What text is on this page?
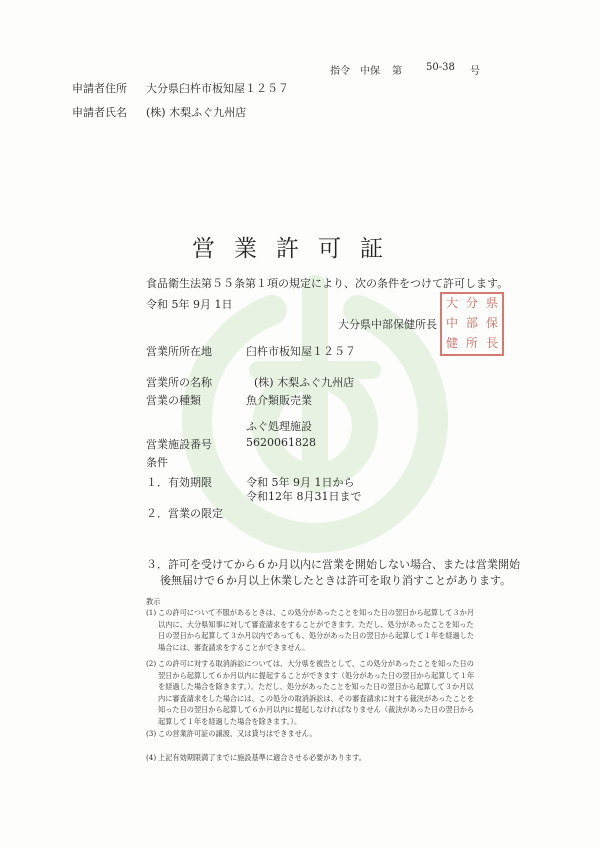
指令 中保 第 50-38 号
申請者住所 大分県臼杵市板知屋１２５７
申請者氏名 (株) 木梨ふぐ九州店
営業許可証
食品衛生法第５５条第１項の規定により、次の条件をつけて許可します。
令和 5年 9月 1日
大分県中部保健所長
大 分 県
中 部 保
健 所 長
営業所所在地	臼杵市板知屋１２５７
営業所の名称	(株) 木梨ふぐ九州店
営業の種類	魚介類販売業
ふぐ処理施設
営業施設番号	5620061828
条件
１．有効期限	令和 5年 9月 1日から
令和12年 8月31日まで
２．営業の限定
３．許可を受けてから６か月以内に営業を開始しない場合、または営業開始
後無届けで６か月以上休業したときは許可を取り消すことがあります。
教示
(1) この許可について不服があるときは、この処分があったことを知った日の翌日から起算して３か月以内に、大分県知事に対して審査請求をすることができます。ただし、処分があったことを知った日の翌日から起算して３か月以内であっても、処分があった日の翌日から起算して１年を経過した場合には、審査請求をすることができません。
(2) この許可に対する取消訴訟については、大分県を被告として、この処分があったことを知った日の翌日から起算して６か月以内に提起することができます（処分があった日の翌日から起算して１年を経過した場合を除きます。）。ただし、処分があったことを知った日の翌日から起算して３か月以内に審査請求をした場合には、この処分の取消訴訟は、その審査請求に対する裁決があったことを知った日の翌日から起算して６か月以内に提起しなければなりません（裁決があった日の翌日から起算して１年を経過した場合を除きます。）。
(3) この営業許可証の譲渡、又は貸与はできません。
(4) 上記有効期限満了までに施設基準に適合させる必要があります。
